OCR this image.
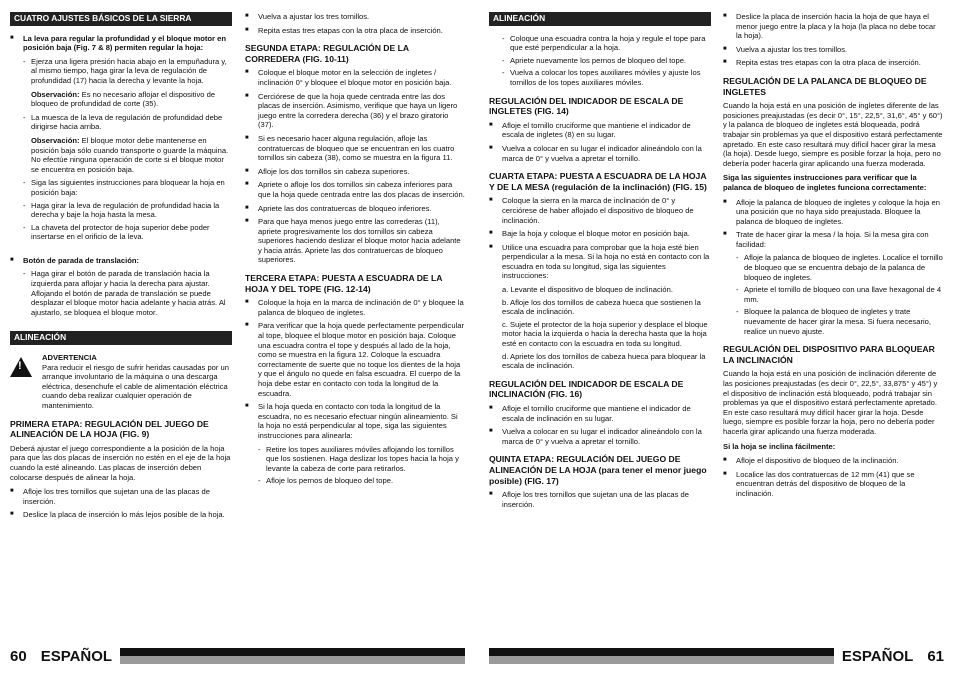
CUATRO AJUSTES BÁSICOS DE LA SIERRA
■ La leva para regular la profundidad y el bloque motor en posición baja (Fig. 7 & 8) permiten regular la hoja:
- Ejerza una ligera presión hacia abajo en la empuñadura y, al mismo tiempo, haga girar la leva de regulación de profundidad (17) hacia la derecha y levante la hoja.
Observación: Es no necesario aflojar el dispositivo de bloqueo de profundidad de corte (35).
- La muesca de la leva de regulación de profundidad debe dirigirse hacia arriba.
Observación: El bloque motor debe mantenerse en posición baja sólo cuando transporte o guarde la máquina. No efectúe ninguna operación de corte si el bloque motor se encuentra en posición baja.
- Siga las siguientes instrucciones para bloquear la hoja en posición baja:
- Haga girar la leva de regulación de profundidad hacia la derecha y baje la hoja hasta la mesa.
- La chaveta del protector de hoja superior debe poder insertarse en el orificio de la leva.
■ Botón de parada de translación:
- Haga girar el botón de parada de translación hacia la izquierda para aflojar y hacia la derecha para ajustar. Aflojando el botón de parada de translación se puede desplazar el bloque motor hacia adelante y hacia atrás. Al ajustarlo, se bloquea el bloque motor.
ALINEACIÓN
!
ADVERTENCIA
Para reducir el riesgo de sufrir heridas causadas por un arranque involuntario de la máquina o una descarga eléctrica, desenchufe el cable de alimentación eléctrica cuando deba realizar cualquier operación de mantenimiento.
PRIMERA ETAPA: REGULACIÓN DEL JUEGO DE ALINEACIÓN DE LA HOJA (FIG. 9)

Deberá ajustar el juego correspondiente a la posición de la hoja para que las dos placas de inserción no estén en el eje de la hoja cuando la esté alineando. Las placas de inserción deben colocarse después de alinear la hoja.

■ Afloje los tres tornillos que sujetan una de las placas de inserción.
■ Deslice la placa de inserción lo más lejos posible de la hoja.
■ Vuelva a ajustar los tres tornillos.
■ Repita estas tres etapas con la otra placa de inserción.
SEGUNDA ETAPA: REGULACIÓN DE LA CORREDERA (FIG. 10-11)
■ Coloque el bloque motor en la selección de ingletes / inclinación 0° y bloquee el bloque motor en posición baja.
■ Cerciórese de que la hoja quede centrada entre las dos placas de inserción. Asimismo, verifique que haya un ligero juego entre la corredera derecha (36) y el brazo giratorio (37).
■ Si es necesario hacer alguna regulación, afloje las contratuercas de bloqueo que se encuentran en los cuatro tornillos sin cabeza (38), como se muestra en la figura 11.
■ Afloje los dos tornillos sin cabeza superiores.
■ Apriete o afloje los dos tornillos sin cabeza inferiores para que la hoja quede centrada entre las dos placas de inserción.
■ Apriete las dos contratuercas de bloqueo inferiores.
■ Para que haya menos juego entre las correderas (11), apriete progresivamente los dos tornillos sin cabeza superiores haciendo deslizar el bloque motor hacia adelante y hacia atrás. Apriete las dos contratuercas de bloqueo superiores.
TERCERA ETAPA: PUESTA A ESCUADRA DE LA HOJA Y DEL TOPE (FIG. 12-14)
■ Coloque la hoja en la marca de inclinación de 0° y bloquee la palanca de bloqueo de ingletes.
■ Para verificar que la hoja quede perfectamente perpendicular al tope, bloquee el bloque motor en posición baja. Coloque una escuadra contra el tope y después al lado de la hoja, como se muestra en la figura 12. Coloque la escuadra correctamente de suerte que no toque los dientes de la hoja y que el ángulo no quede en falsa escuadra. El cuerpo de la hoja debe estar en contacto con toda la longitud de la escuadra.
■ Si la hoja queda en contacto con toda la longitud de la escuadra, no es necesario efectuar ningún alineamiento. Si la hoja no está perpendicular al tope, siga las siguientes instrucciones para alinearla:
- Retire los topes auxiliares móviles aflojando los tornillos que los sostienen. Haga deslizar los topes hacia la hoja y levante la cabeza de corte para retirarlos.
- Afloje los pernos de bloqueo del tope.
ALINEACIÓN
- Coloque una escuadra contra la hoja y regule el tope para que esté perpendicular a la hoja.
- Apriete nuevamente los pernos de bloqueo del tope.
- Vuelva a colocar los topes auxiliares móviles y ajuste los tornillos de los topes auxiliares móviles.
REGULACIÓN DEL INDICADOR DE ESCALA DE INGLETES (FIG. 14)
■ Afloje el tornillo cruciforme que mantiene el indicador de escala de ingletes (8) en su lugar.
■ Vuelva a colocar en su lugar el indicador alineándolo con la marca de 0° y vuelva a apretar el tornillo.
CUARTA ETAPA: PUESTA A ESCUADRA DE LA HOJA Y DE LA MESA (regulación de la inclinación) (FIG. 15)
■ Coloque la sierra en la marca de inclinación de 0° y cerciórese de haber aflojado el dispositivo de bloqueo de inclinación.
■ Baje la hoja y coloque el bloque motor en posición baja.
■ Utilice una escuadra para comprobar que la hoja esté bien perpendicular a la mesa. Si la hoja no está en contacto con la escuadra en toda su longitud, siga las siguientes instrucciones:
a. Levante el dispositivo de bloqueo de inclinación.
b. Afloje los dos tornillos de cabeza hueca que sostienen la escala de inclinación.
c. Sujete el protector de la hoja superior y desplace el bloque motor hacia la izquierda o hacia la derecha hasta que la hoja esté en contacto con la escuadra en toda su longitud.
d. Apriete los dos tornillos de cabeza hueca para bloquear la escala de inclinación.
REGULACIÓN DEL INDICADOR DE ESCALA DE INCLINACIÓN (FIG. 16)
■ Afloje el tornillo cruciforme que mantiene el indicador de escala de inclinación en su lugar.
■ Vuelva a colocar en su lugar el indicador alineándolo con la marca de 0° y vuelva a apretar el tornillo.
QUINTA ETAPA: REGULACIÓN DEL JUEGO DE ALINEACIÓN DE LA HOJA (para tener el menor juego posible) (FIG. 17)
■ Afloje los tres tornillos que sujetan una de las placas de inserción.
■ Deslice la placa de inserción hacia la hoja de que haya el menor juego entre la placa y la hoja (la placa no debe tocar la hoja).
■ Vuelva a ajustar los tres tornillos.
■ Repita estas tres etapas con la otra placa de inserción.
REGULACIÓN DE LA PALANCA DE BLOQUEO DE INGLETES

Cuando la hoja está en una posición de ingletes diferente de las posiciones preajustadas (es decir 0°, 15°, 22,5°, 31,6°, 45° y 60°) y la palanca de bloqueo de ingletes está bloqueada, podrá trabajar sin problemas ya que el dispositivo estará perfectamente apretado. En este caso resultará muy difícil hacer girar la mesa (la hoja). Desde luego, siempre es posible forzar la hoja, pero no debería poder hacerla girar aplicando una fuerza moderada.

Siga las siguientes instrucciones para verificar que la palanca de bloqueo de ingletes funciona correctamente:

■ Afloje la palanca de bloqueo de ingletes y coloque la hoja en una posición que no haya sido preajustada. Bloquee la palanca de bloqueo de ingletes.
■ Trate de hacer girar la mesa / la hoja. Si la mesa gira con facilidad:
- Afloje la palanca de bloqueo de ingletes. Localice el tornillo de bloqueo que se encuentra debajo de la palanca de bloqueo de ingletes.
- Apriete el tornillo de bloqueo con una llave hexagonal de 4 mm.
- Bloquee la palanca de bloqueo de ingletes y trate nuevamente de hacer girar la mesa. Si fuera necesario, realice un nuevo ajuste.
REGULACIÓN DEL DISPOSITIVO PARA BLOQUEAR LA INCLINACIÓN

Cuando la hoja está en una posición de inclinación diferente de las posiciones preajustadas (es decir 0°, 22,5°, 33,875° y 45°) y el dispositivo de inclinación está bloqueado, podrá trabajar sin problemas ya que el dispositivo estará perfectamente apretado. En este caso resultará muy difícil hacer girar la hoja. Desde luego, siempre es posible forzar la hoja, pero no debería poder hacerla girar aplicando una fuerza moderada.

Si la hoja se inclina fácilmente:

■ Afloje el dispositivo de bloqueo de la inclinación.
■ Localice las dos contratuercas de 12 mm (41) que se encuentran detrás del dispositivo de bloqueo de la inclinación.
60 ESPAÑOL	ESPAÑOL 61
